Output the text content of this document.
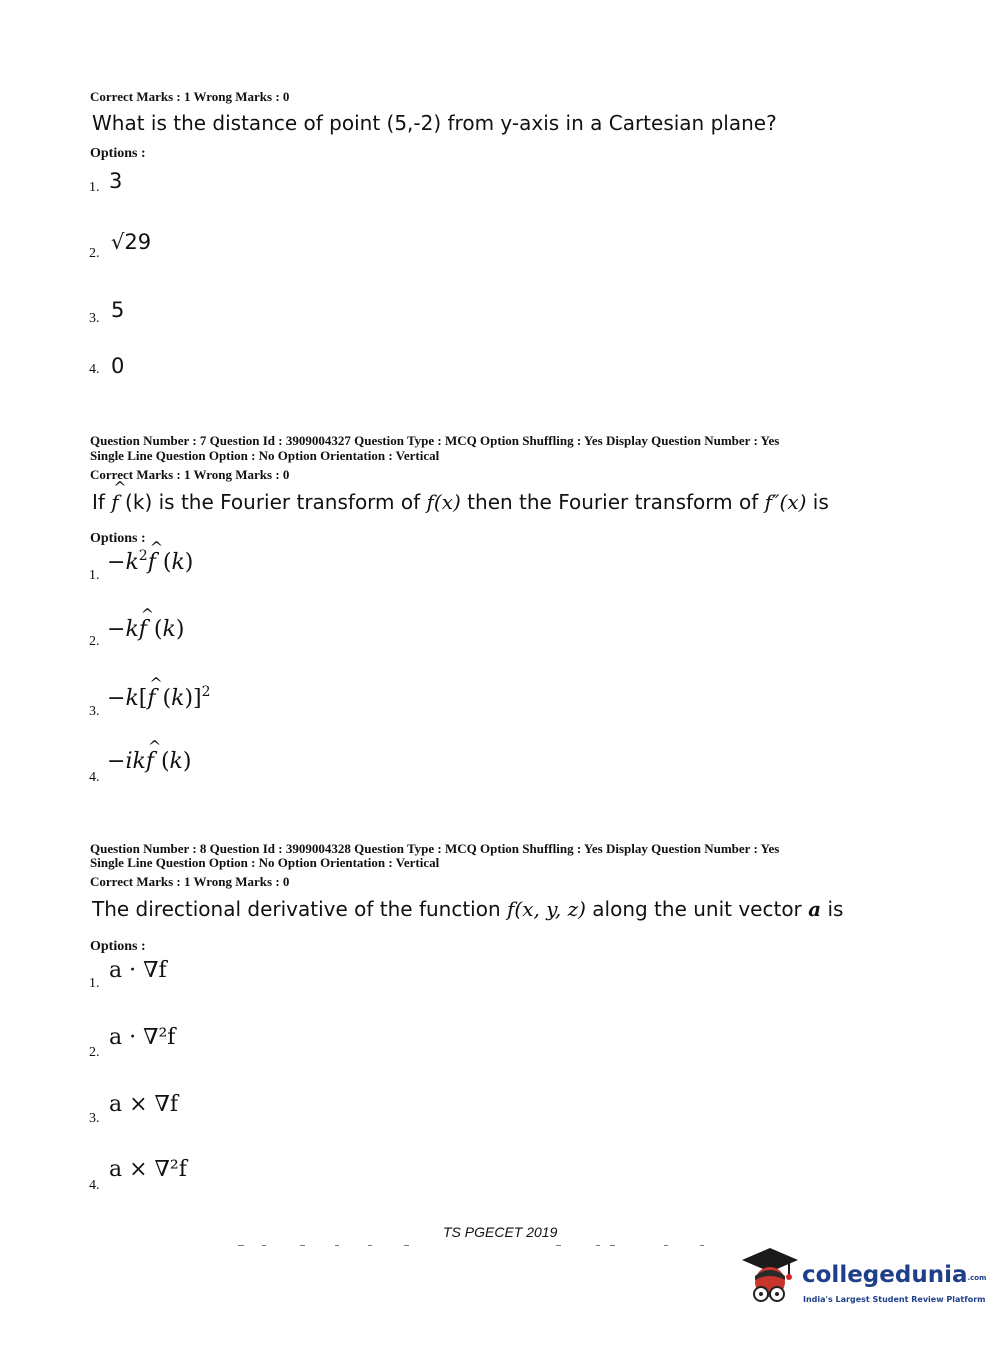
Correct Marks : 1 Wrong Marks : 0
What is the distance of point (5,-2) from y-axis in a Cartesian plane?
Options :
1. 3
2. √29
3. 5
4. 0
Question Number : 7 Question Id : 3909004327 Question Type : MCQ Option Shuffling : Yes Display Question Number : Yes
Single Line Question Option : No Option Orientation : Vertical
Correct Marks : 1 Wrong Marks : 0
If ^ f (k) is the Fourier transform of f(x) then the Fourier transform of f″(x) is
Options :
1.
$-k^2\^{}$ f (k)
2. −k^ f (k)
3.
−k[^ f (k)]$^2$
4.
−ik^ f (k)
Question Number : 8 Question Id : 3909004328 Question Type : MCQ Option Shuffling : Yes Display Question Number : Yes
Single Line Question Option : No Option Orientation : Vertical
Correct Marks : 1 Wrong Marks : 0
The directional derivative of the function f(x, y, z) along the unit vector a is
Options :
1.
a · ∇f
2.
a · ∇²f
3.
a × ∇f
4.
a × ∇²f
TS PGECET 2019
collegedunia.com
India's Largest Student Review Platform
